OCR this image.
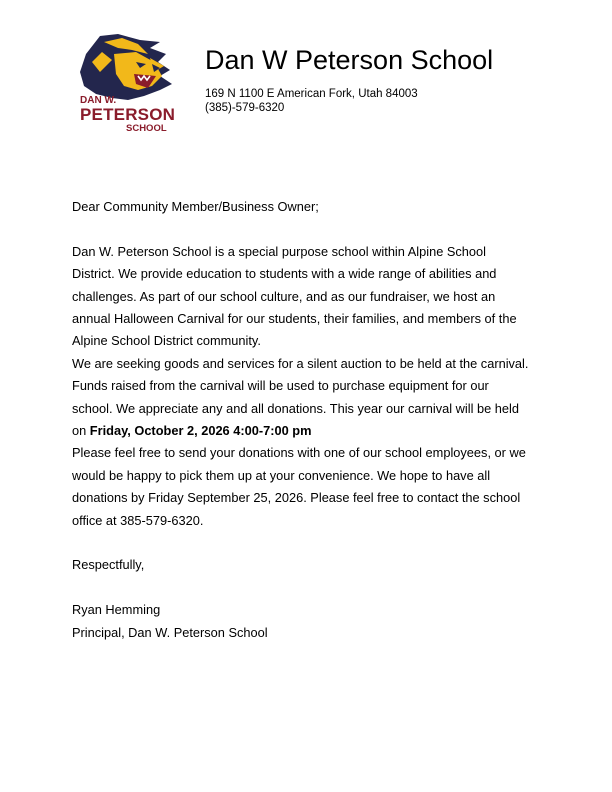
DAN W.
PETERSON
SCHOOL
Dan W Peterson School
169 N 1100 E American Fork, Utah 84003
(385)-579-6320

Dear Community Member/Business Owner;

Dan W. Peterson School is a special purpose school within Alpine School

District. We provide education to students with a wide range of abilities and

challenges. As part of our school culture, and as our fundraiser, we host an

annual Halloween Carnival for our students, their families, and members of the

Alpine School District community.

We are seeking goods and services for a silent auction to be held at the carnival.

Funds raised from the carnival will be used to purchase equipment for our

school. We appreciate any and all donations. This year our carnival will be held

on Friday, October 2, 2026 4:00-7:00 pm

Please feel free to send your donations with one of our school employees, or we

would be happy to pick them up at your convenience. We hope to have all

donations by Friday September 25, 2026. Please feel free to contact the school

office at 385-579-6320.

Respectfully,

Ryan Hemming

Principal, Dan W. Peterson School
